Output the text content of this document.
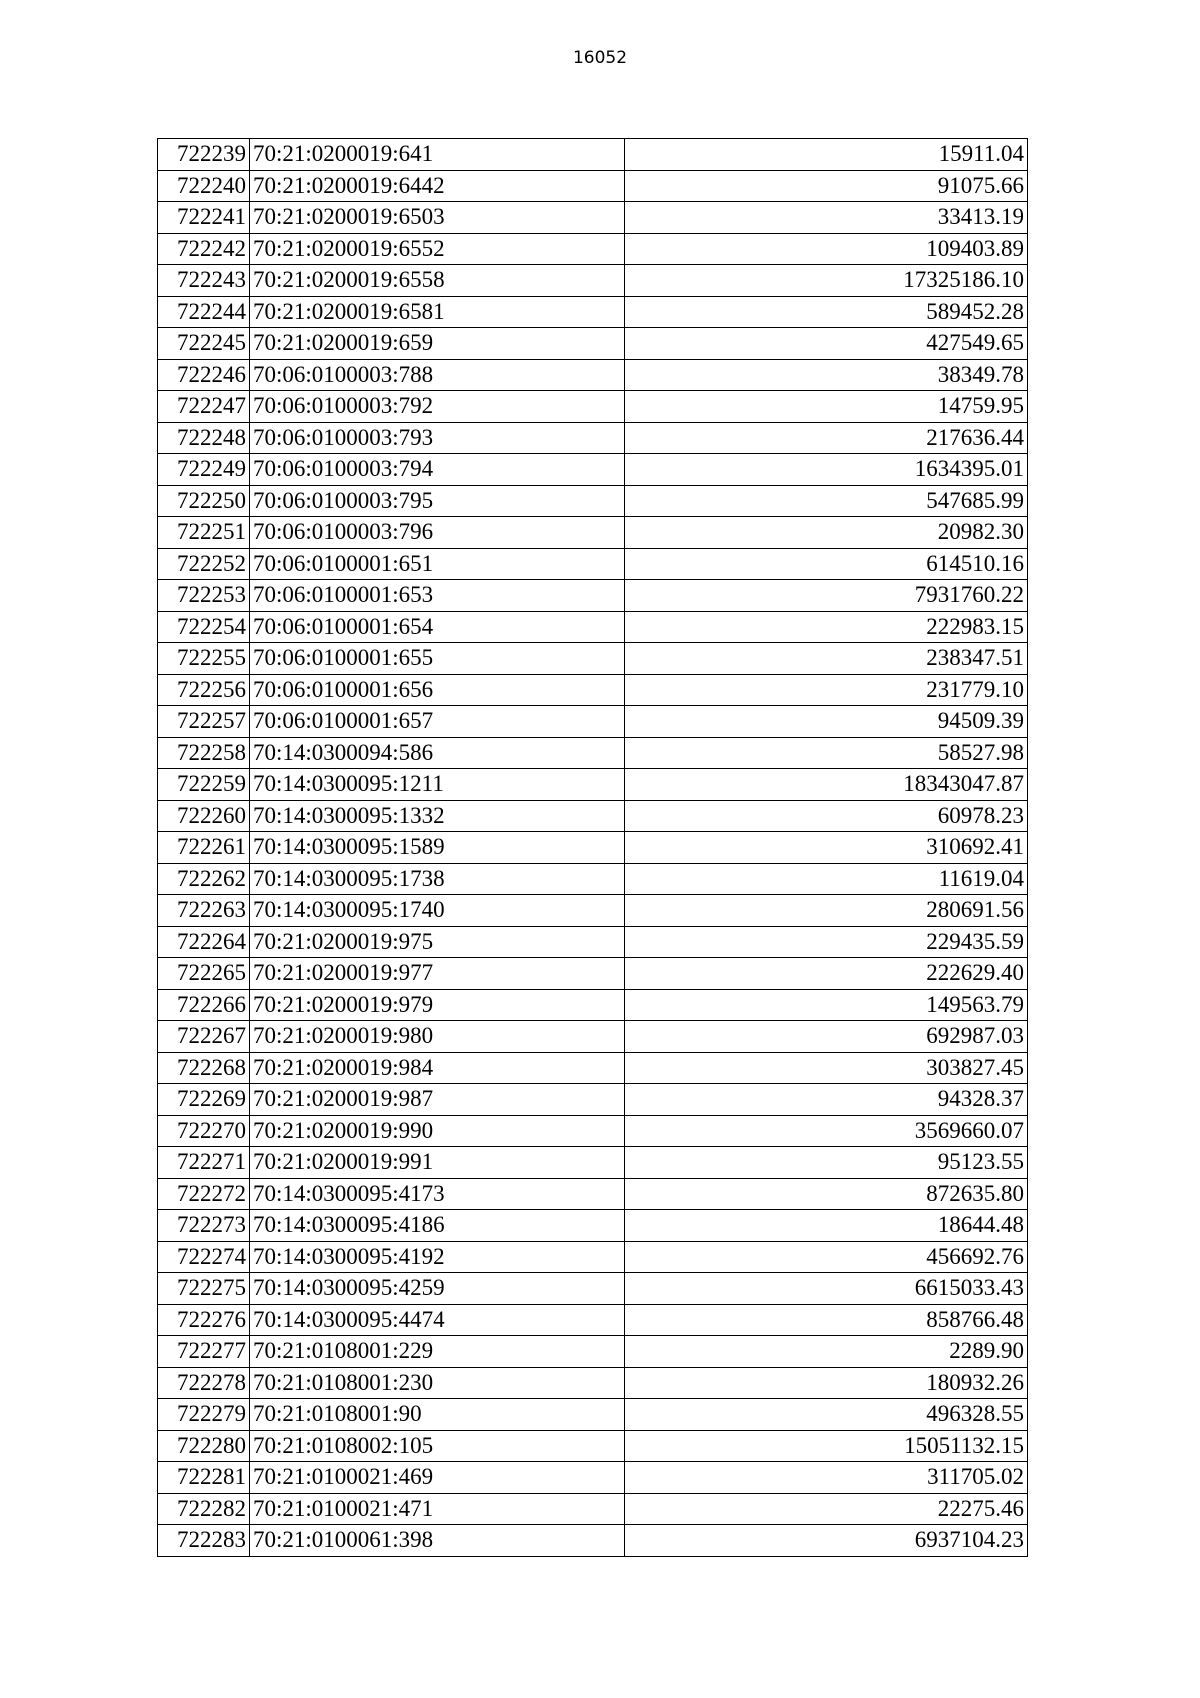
16052
722239	70:21:0200019:641	15911.04
722240	70:21:0200019:6442	91075.66
722241	70:21:0200019:6503	33413.19
722242	70:21:0200019:6552	109403.89
722243	70:21:0200019:6558	17325186.10
722244	70:21:0200019:6581	589452.28
722245	70:21:0200019:659	427549.65
722246	70:06:0100003:788	38349.78
722247	70:06:0100003:792	14759.95
722248	70:06:0100003:793	217636.44
722249	70:06:0100003:794	1634395.01
722250	70:06:0100003:795	547685.99
722251	70:06:0100003:796	20982.30
722252	70:06:0100001:651	614510.16
722253	70:06:0100001:653	7931760.22
722254	70:06:0100001:654	222983.15
722255	70:06:0100001:655	238347.51
722256	70:06:0100001:656	231779.10
722257	70:06:0100001:657	94509.39
722258	70:14:0300094:586	58527.98
722259	70:14:0300095:1211	18343047.87
722260	70:14:0300095:1332	60978.23
722261	70:14:0300095:1589	310692.41
722262	70:14:0300095:1738	11619.04
722263	70:14:0300095:1740	280691.56
722264	70:21:0200019:975	229435.59
722265	70:21:0200019:977	222629.40
722266	70:21:0200019:979	149563.79
722267	70:21:0200019:980	692987.03
722268	70:21:0200019:984	303827.45
722269	70:21:0200019:987	94328.37
722270	70:21:0200019:990	3569660.07
722271	70:21:0200019:991	95123.55
722272	70:14:0300095:4173	872635.80
722273	70:14:0300095:4186	18644.48
722274	70:14:0300095:4192	456692.76
722275	70:14:0300095:4259	6615033.43
722276	70:14:0300095:4474	858766.48
722277	70:21:0108001:229	2289.90
722278	70:21:0108001:230	180932.26
722279	70:21:0108001:90	496328.55
722280	70:21:0108002:105	15051132.15
722281	70:21:0100021:469	311705.02
722282	70:21:0100021:471	22275.46
722283	70:21:0100061:398	6937104.23
